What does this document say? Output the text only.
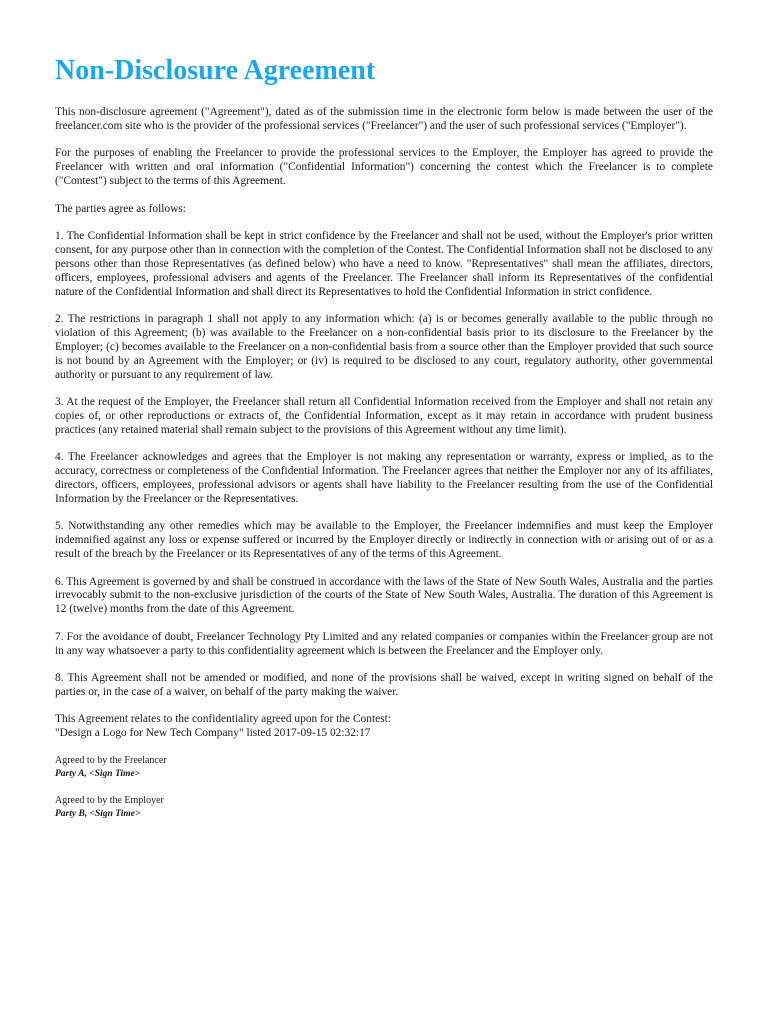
Non-Disclosure Agreement

This non-disclosure agreement ("Agreement"), dated as of the submission time in the electronic form below is made between the user of the freelancer.com site who is the provider of the professional services ("Freelancer") and the user of such professional services ("Employer").

For the purposes of enabling the Freelancer to provide the professional services to the Employer, the Employer has agreed to provide the Freelancer with written and oral information ("Confidential Information") concerning the contest which the Freelancer is to complete ("Contest") subject to the terms of this Agreement.

The parties agree as follows:

1. The Confidential Information shall be kept in strict confidence by the Freelancer and shall not be used, without the Employer's prior written consent, for any purpose other than in connection with the completion of the Contest. The Confidential Information shall not be disclosed to any persons other than those Representatives (as defined below) who have a need to know. "Representatives" shall mean the affiliates, directors, officers, employees, professional advisers and agents of the Freelancer. The Freelancer shall inform its Representatives of the confidential nature of the Confidential Information and shall direct its Representatives to hold the Confidential Information in strict confidence.

2. The restrictions in paragraph 1 shall not apply to any information which: (a) is or becomes generally available to the public through no violation of this Agreement; (b) was available to the Freelancer on a non-confidential basis prior to its disclosure to the Freelancer by the Employer; (c) becomes available to the Freelancer on a non-confidential basis from a source other than the Employer provided that such source is not bound by an Agreement with the Employer; or (iv) is required to be disclosed to any court, regulatory authority, other governmental authority or pursuant to any requirement of law.

3. At the request of the Employer, the Freelancer shall return all Confidential Information received from the Employer and shall not retain any copies of, or other reproductions or extracts of, the Confidential Information, except as it may retain in accordance with prudent business practices (any retained material shall remain subject to the provisions of this Agreement without any time limit).

4. The Freelancer acknowledges and agrees that the Employer is not making any representation or warranty, express or implied, as to the accuracy, correctness or completeness of the Confidential Information. The Freelancer agrees that neither the Employer nor any of its affiliates, directors, officers, employees, professional advisors or agents shall have liability to the Freelancer resulting from the use of the Confidential Information by the Freelancer or the Representatives.

5. Notwithstanding any other remedies which may be available to the Employer, the Freelancer indemnifies and must keep the Employer indemnified against any loss or expense suffered or incurred by the Employer directly or indirectly in connection with or arising out of or as a result of the breach by the Freelancer or its Representatives of any of the terms of this Agreement.

6. This Agreement is governed by and shall be construed in accordance with the laws of the State of New South Wales, Australia and the parties irrevocably submit to the non-exclusive jurisdiction of the courts of the State of New South Wales, Australia. The duration of this Agreement is 12 (twelve) months from the date of this Agreement.

7. For the avoidance of doubt, Freelancer Technology Pty Limited and any related companies or companies within the Freelancer group are not in any way whatsoever a party to this confidentiality agreement which is between the Freelancer and the Employer only.

8. This Agreement shall not be amended or modified, and none of the provisions shall be waived, except in writing signed on behalf of the parties or, in the case of a waiver, on behalf of the party making the waiver.

This Agreement relates to the confidentiality agreed upon for the Contest:
"Design a Logo for New Tech Company" listed 2017-09-15 02:32:17

Agreed to by the Freelancer

Party A, <Sign Time>

Agreed to by the Employer

Party B, <Sign Time>
